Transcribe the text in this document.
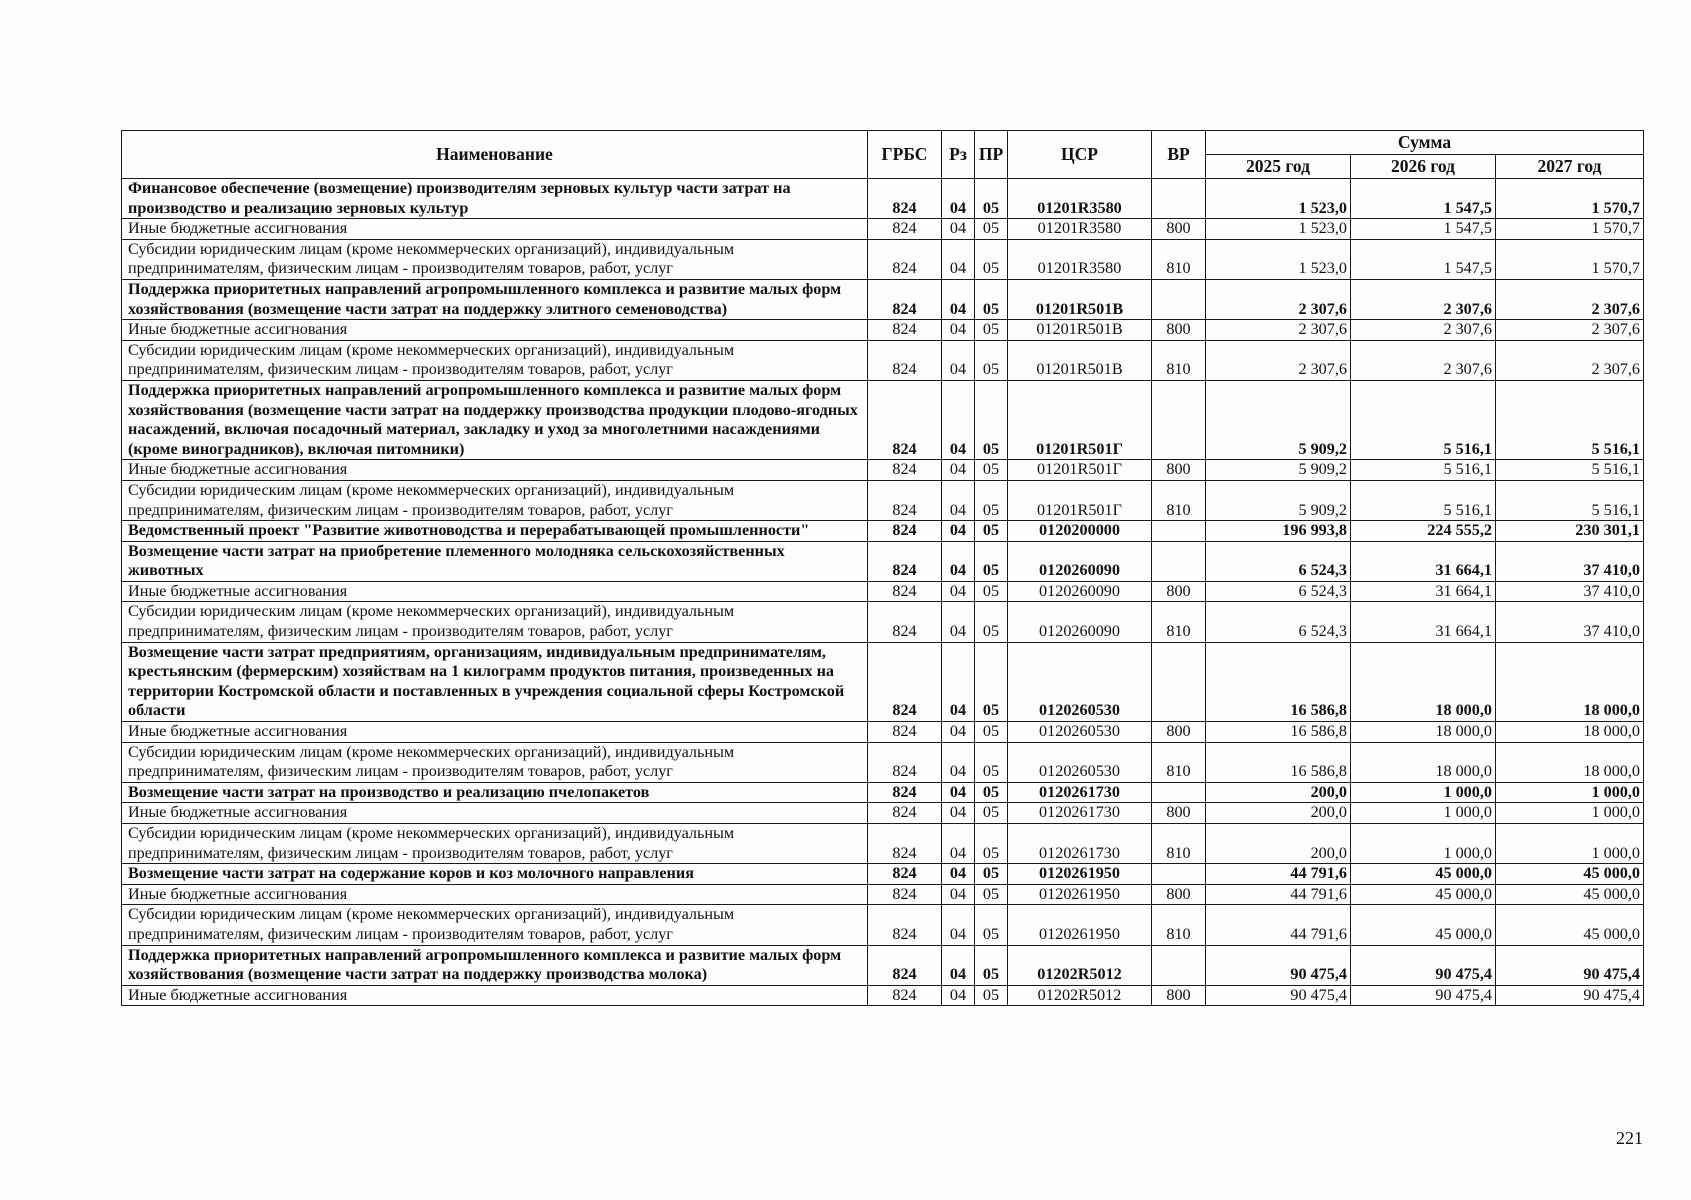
Наименование	ГРБС	Рз	ПР	ЦСР	ВР	Сумма		
						2025 год	2026 год	2027 год
Финансовое обеспечение (возмещение) производителям зерновых культур части затрат на производство и реализацию зерновых культур	824	04	05	01201R3580		1 523,0	1 547,5	1 570,7
Иные бюджетные ассигнования	824	04	05	01201R3580	800	1 523,0	1 547,5	1 570,7
Субсидии юридическим лицам (кроме некоммерческих организаций), индивидуальным предпринимателям, физическим лицам - производителям товаров, работ, услуг	824	04	05	01201R3580	810	1 523,0	1 547,5	1 570,7
Поддержка приоритетных направлений агропромышленного комплекса и развитие малых форм хозяйствования (возмещение части затрат на поддержку элитного семеноводства)	824	04	05	01201R501В		2 307,6	2 307,6	2 307,6
Иные бюджетные ассигнования	824	04	05	01201R501В	800	2 307,6	2 307,6	2 307,6
Субсидии юридическим лицам (кроме некоммерческих организаций), индивидуальным предпринимателям, физическим лицам - производителям товаров, работ, услуг	824	04	05	01201R501В	810	2 307,6	2 307,6	2 307,6
Поддержка приоритетных направлений агропромышленного комплекса и развитие малых форм хозяйствования (возмещение части затрат на поддержку производства продукции плодово-ягодных насаждений, включая посадочный материал, закладку и уход за многолетними насаждениями (кроме виноградников), включая питомники)	824	04	05	01201R501Г		5 909,2	5 516,1	5 516,1
Иные бюджетные ассигнования	824	04	05	01201R501Г	800	5 909,2	5 516,1	5 516,1
Субсидии юридическим лицам (кроме некоммерческих организаций), индивидуальным предпринимателям, физическим лицам - производителям товаров, работ, услуг	824	04	05	01201R501Г	810	5 909,2	5 516,1	5 516,1
Ведомственный проект "Развитие животноводства и перерабатывающей промышленности"	824	04	05	0120200000		196 993,8	224 555,2	230 301,1
Возмещение части затрат на приобретение племенного молодняка сельскохозяйственных животных	824	04	05	0120260090		6 524,3	31 664,1	37 410,0
Иные бюджетные ассигнования	824	04	05	0120260090	800	6 524,3	31 664,1	37 410,0
Субсидии юридическим лицам (кроме некоммерческих организаций), индивидуальным предпринимателям, физическим лицам - производителям товаров, работ, услуг	824	04	05	0120260090	810	6 524,3	31 664,1	37 410,0
Возмещение части затрат предприятиям, организациям, индивидуальным предпринимателям, крестьянским (фермерским) хозяйствам на 1 килограмм продуктов питания, произведенных на территории Костромской области и поставленных в учреждения социальной сферы Костромской области	824	04	05	0120260530		16 586,8	18 000,0	18 000,0
Иные бюджетные ассигнования	824	04	05	0120260530	800	16 586,8	18 000,0	18 000,0
Субсидии юридическим лицам (кроме некоммерческих организаций), индивидуальным предпринимателям, физическим лицам - производителям товаров, работ, услуг	824	04	05	0120260530	810	16 586,8	18 000,0	18 000,0
Возмещение части затрат на производство и реализацию пчелопакетов	824	04	05	0120261730		200,0	1 000,0	1 000,0
Иные бюджетные ассигнования	824	04	05	0120261730	800	200,0	1 000,0	1 000,0
Субсидии юридическим лицам (кроме некоммерческих организаций), индивидуальным предпринимателям, физическим лицам - производителям товаров, работ, услуг	824	04	05	0120261730	810	200,0	1 000,0	1 000,0
Возмещение части затрат на содержание коров и коз молочного направления	824	04	05	0120261950		44 791,6	45 000,0	45 000,0
Иные бюджетные ассигнования	824	04	05	0120261950	800	44 791,6	45 000,0	45 000,0
Субсидии юридическим лицам (кроме некоммерческих организаций), индивидуальным предпринимателям, физическим лицам - производителям товаров, работ, услуг	824	04	05	0120261950	810	44 791,6	45 000,0	45 000,0
Поддержка приоритетных направлений агропромышленного комплекса и развитие малых форм хозяйствования (возмещение части затрат на поддержку производства молока)	824	04	05	01202R5012		90 475,4	90 475,4	90 475,4
Иные бюджетные ассигнования	824	04	05	01202R5012	800	90 475,4	90 475,4	90 475,4
221
